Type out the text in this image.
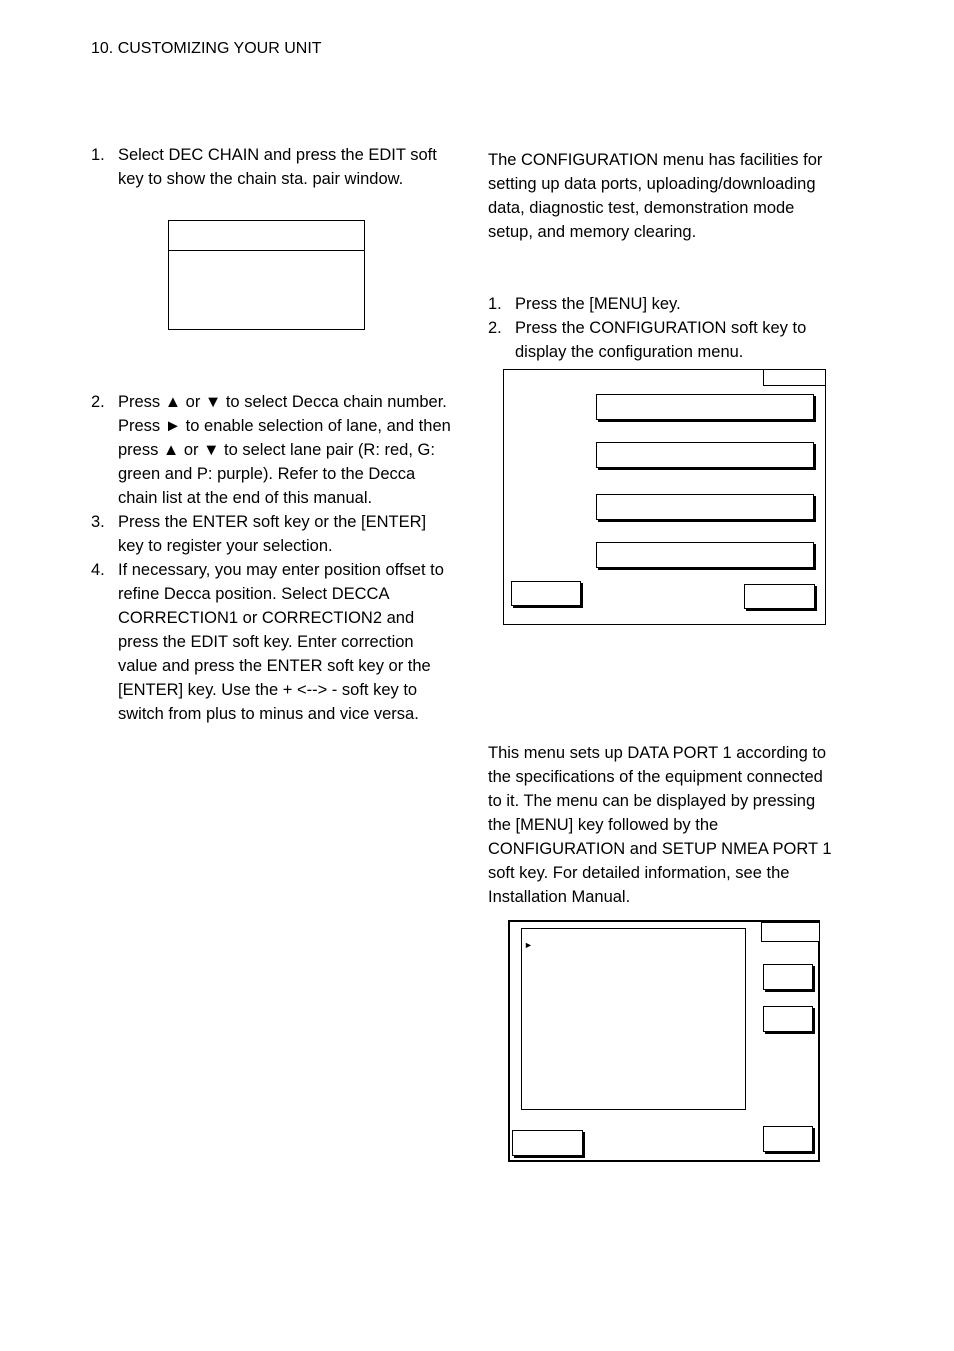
10. CUSTOMIZING YOUR UNIT
1. Select DEC CHAIN and press the EDIT soft key to show the chain sta. pair window.
2. Press ▲ or ▼ to select Decca chain number. Press ► to enable selection of lane, and then press ▲ or ▼ to select lane pair (R: red, G: green and P: purple). Refer to the Decca chain list at the end of this manual.
3. Press the ENTER soft key or the [ENTER] key to register your selection.
4. If necessary, you may enter position offset to refine Decca position. Select DECCA CORRECTION1 or CORRECTION2 and press the EDIT soft key. Enter correction value and press the ENTER soft key or the [ENTER] key. Use the + <--> - soft key to switch from plus to minus and vice versa.

The CONFIGURATION menu has facilities for setting up data ports, uploading/downloading data, diagnostic test, demonstration mode setup, and memory clearing.

1. Press the [MENU] key.
2. Press the CONFIGURATION soft key to display the configuration menu.

This menu sets up DATA PORT 1 according to the specifications of the equipment connected to it. The menu can be displayed by pressing the [MENU] key followed by the CONFIGURATION and SETUP NMEA PORT 1 soft key. For detailed information, see the Installation Manual.

►
